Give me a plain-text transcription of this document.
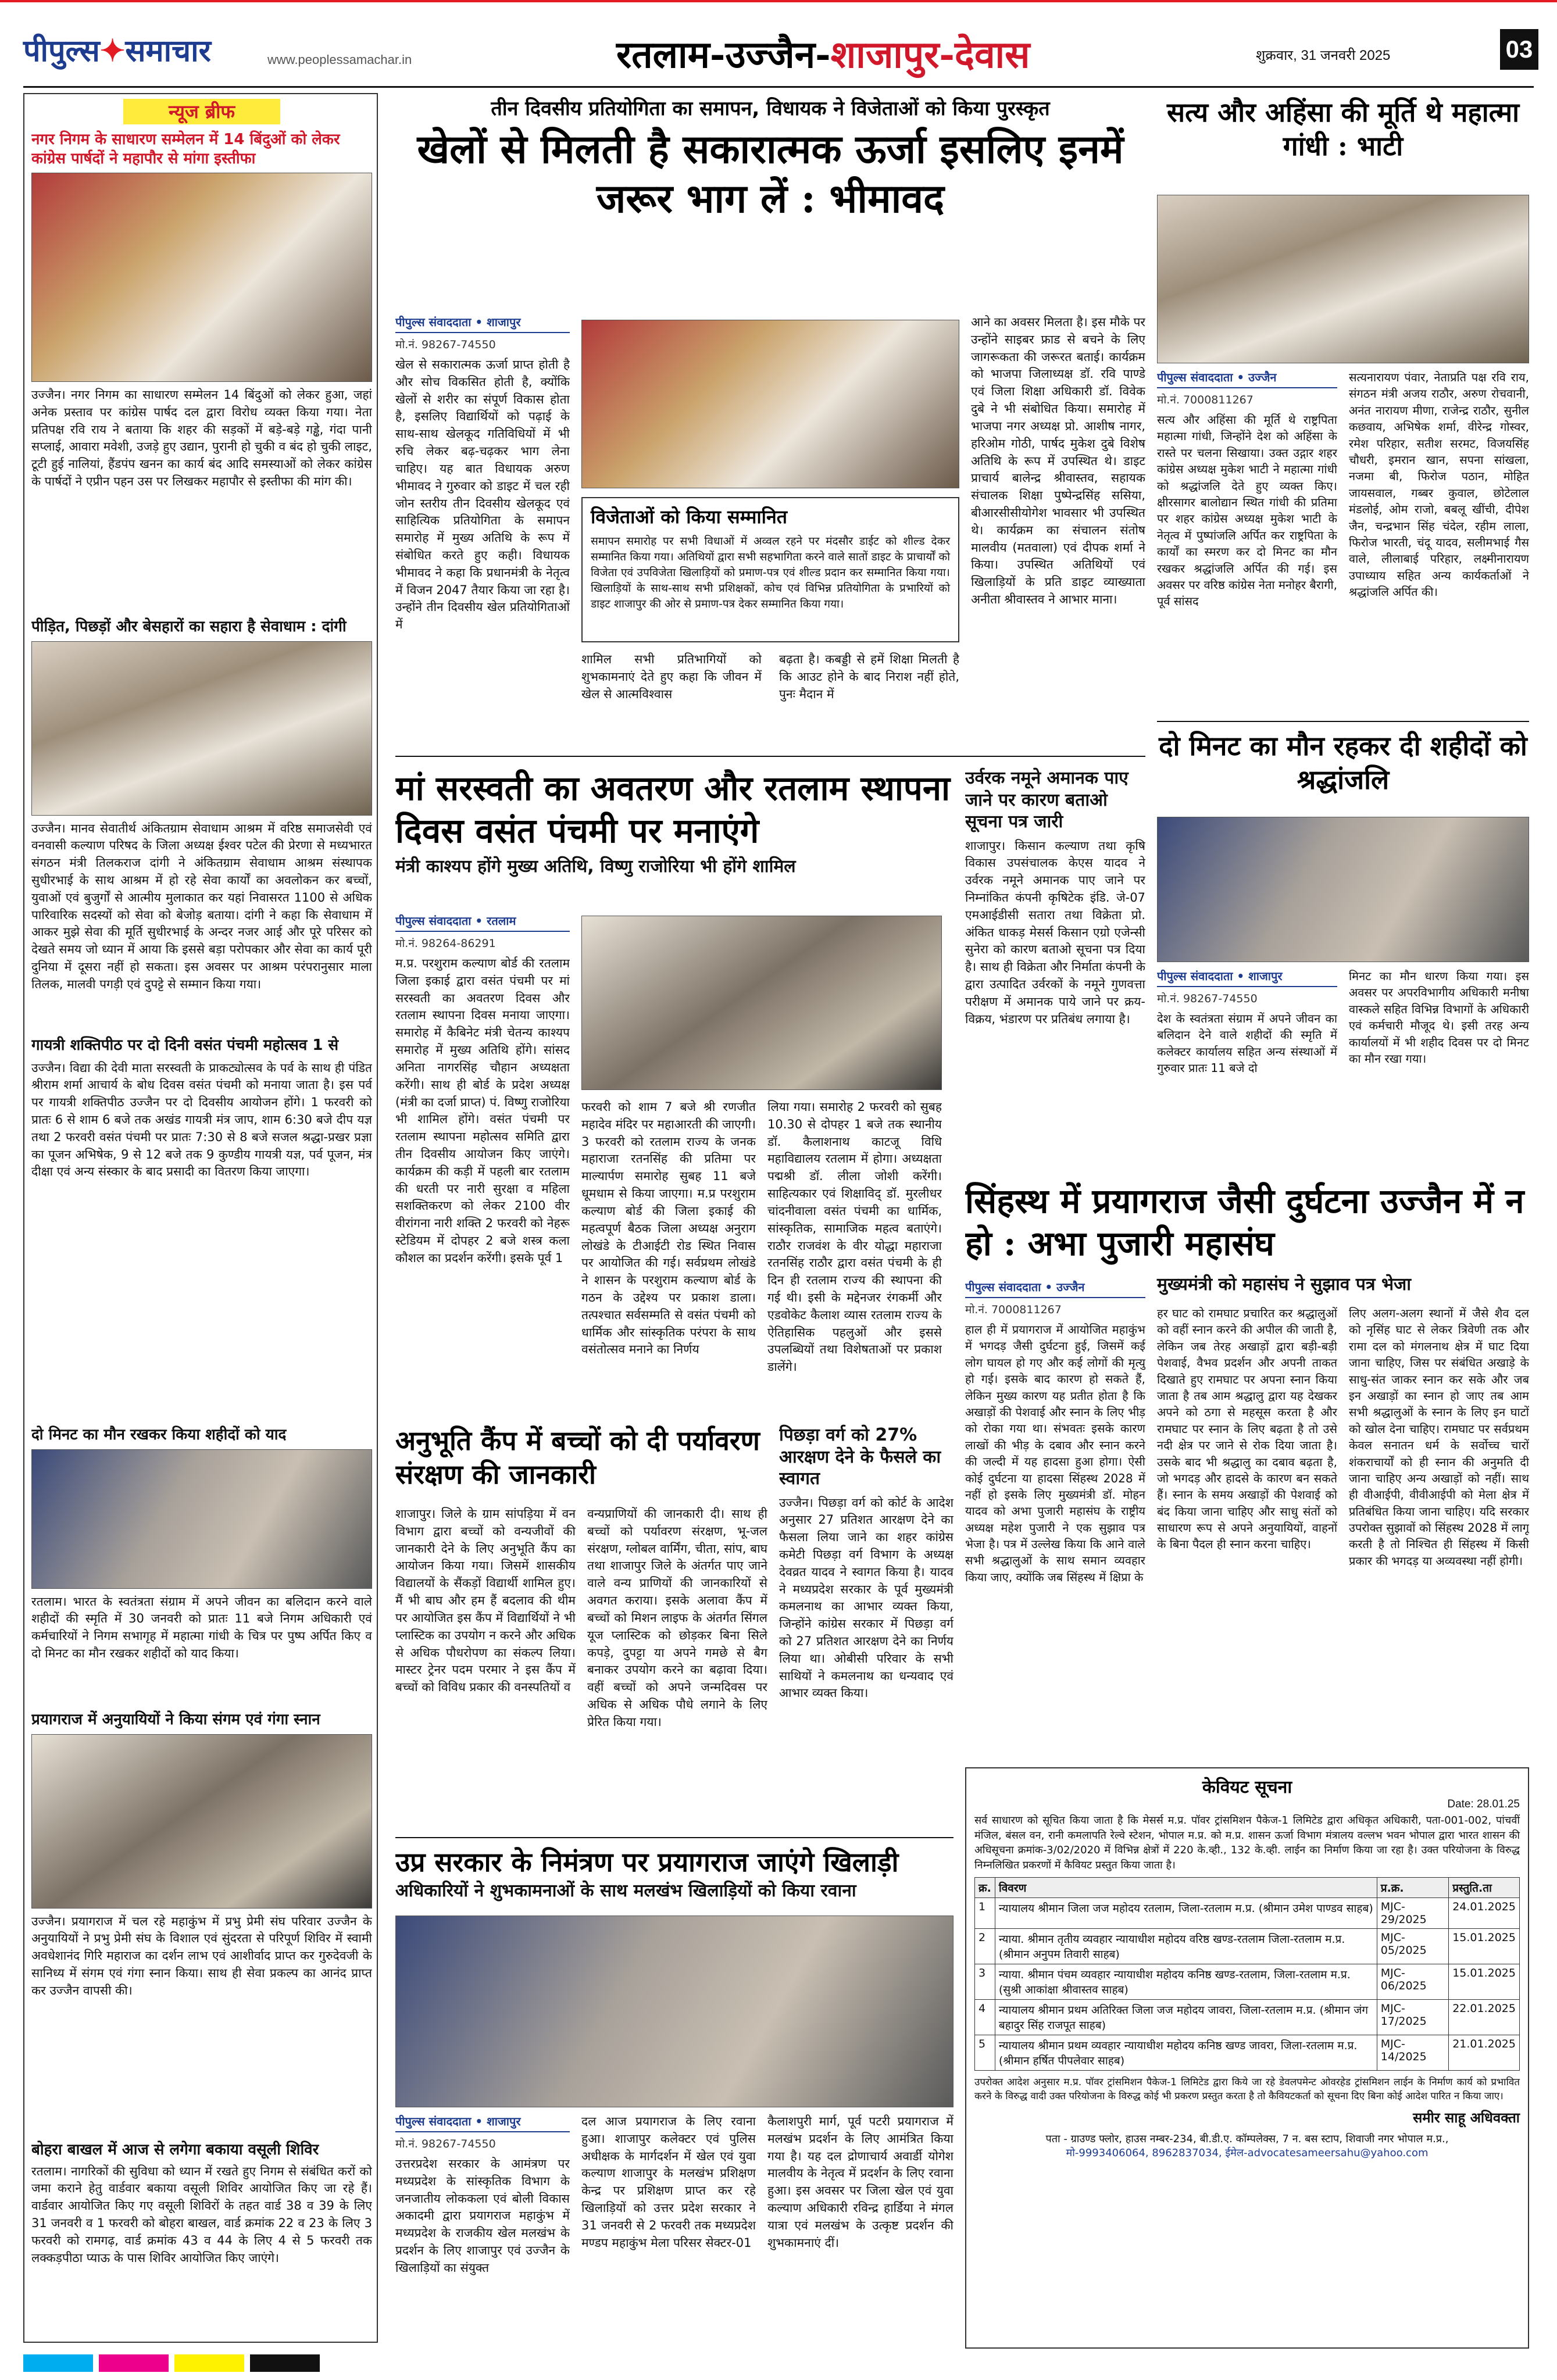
पीपुल्स✦समाचार	www.peoplessamachar.in	रतलाम-उज्जैन-शाजापुर-देवास	शुक्रवार, 31 जनवरी 2025	03
न्यूज ब्रीफ
नगर निगम के साधारण सम्मेलन में 14 बिंदुओं को लेकर कांग्रेस पार्षदों ने महापौर से मांगा इस्तीफा
उज्जैन। नगर निगम का साधारण सम्मेलन 14 बिंदुओं को लेकर हुआ, जहां अनेक प्रस्ताव पर कांग्रेस पार्षद दल द्वारा विरोध व्यक्त किया गया। नेता प्रतिपक्ष रवि राय ने बताया कि शहर की सड़कों में बड़े-बड़े गड्ढे, गंदा पानी सप्लाई, आवारा मवेशी, उजड़े हुए उद्यान, पुरानी हो चुकी व बंद हो चुकी लाइट, टूटी हुई नालियां, हैंडपंप खनन का कार्य बंद आदि समस्याओं को लेकर कांग्रेस के पार्षदों ने एप्रीन पहन उस पर लिखकर महापौर से इस्तीफा की मांग की।
पीड़ित, पिछड़ों और बेसहारों का सहारा है सेवाधाम : दांगी
उज्जैन। मानव सेवातीर्थ अंकितग्राम सेवाधाम आश्रम में वरिष्ठ समाजसेवी एवं वनवासी कल्याण परिषद के जिला अध्यक्ष ईश्वर पटेल की प्रेरणा से मध्यभारत संगठन मंत्री तिलकराज दांगी ने अंकितग्राम सेवाधाम आश्रम संस्थापक सुधीरभाई के साथ आश्रम में हो रहे सेवा कार्यों का अवलोकन कर बच्चों, युवाओं एवं बुजुर्गों से आत्मीय मुलाकात कर यहां निवासरत 1100 से अधिक पारिवारिक सदस्यों को सेवा को बेजोड़ बताया। दांगी ने कहा कि सेवाधाम में आकर मुझे सेवा की मूर्ति सुधीरभाई के अन्दर नजर आई और पूरे परिसर को देखते समय जो ध्यान में आया कि इससे बड़ा परोपकार और सेवा का कार्य पूरी दुनिया में दूसरा नहीं हो सकता। इस अवसर पर आश्रम परंपरानुसार माला तिलक, मालवी पगड़ी एवं दुपट्टे से सम्मान किया गया।
गायत्री शक्तिपीठ पर दो दिनी वसंत पंचमी महोत्सव 1 से
उज्जैन। विद्या की देवी माता सरस्वती के प्राकट्योत्सव के पर्व के साथ ही पंडित श्रीराम शर्मा आचार्य के बोध दिवस वसंत पंचमी को मनाया जाता है। इस पर्व पर गायत्री शक्तिपीठ उज्जैन पर दो दिवसीय आयोजन होंगे। 1 फरवरी को प्रातः 6 से शाम 6 बजे तक अखंड गायत्री मंत्र जाप, शाम 6:30 बजे दीप यज्ञ तथा 2 फरवरी वसंत पंचमी पर प्रातः 7:30 से 8 बजे सजल श्रद्धा-प्रखर प्रज्ञा का पूजन अभिषेक, 9 से 12 बजे तक 9 कुण्डीय गायत्री यज्ञ, पर्व पूजन, मंत्र दीक्षा एवं अन्य संस्कार के बाद प्रसादी का वितरण किया जाएगा।
दो मिनट का मौन रखकर किया शहीदों को याद
रतलाम। भारत के स्वतंत्रता संग्राम में अपने जीवन का बलिदान करने वाले शहीदों की स्मृति में 30 जनवरी को प्रातः 11 बजे निगम अधिकारी एवं कर्मचारियों ने निगम सभागृह में महात्मा गांधी के चित्र पर पुष्प अर्पित किए व दो मिनट का मौन रखकर शहीदों को याद किया।
प्रयागराज में अनुयायियों ने किया संगम एवं गंगा स्नान
उज्जैन। प्रयागराज में चल रहे महाकुंभ में प्रभु प्रेमी संघ परिवार उज्जैन के अनुयायियों ने प्रभु प्रेमी संघ के विशाल एवं सुंदरता से परिपूर्ण शिविर में स्वामी अवधेशानंद गिरि महाराज का दर्शन लाभ एवं आशीर्वाद प्राप्त कर गुरुदेवजी के सानिध्य में संगम एवं गंगा स्नान किया। साथ ही सेवा प्रकल्प का आनंद प्राप्त कर उज्जैन वापसी की।
बोहरा बाखल में आज से लगेगा बकाया वसूली शिविर
रतलाम। नागरिकों की सुविधा को ध्यान में रखते हुए निगम से संबंधित करों को जमा कराने हेतु वार्डवार बकाया वसूली शिविर आयोजित किए जा रहे हैं। वार्डवार आयोजित किए गए वसूली शिविरों के तहत वार्ड 38 व 39 के लिए 31 जनवरी व 1 फरवरी को बोहरा बाखल, वार्ड क्रमांक 22 व 23 के लिए 3 फरवरी को रामगढ़, वार्ड क्रमांक 43 व 44 के लिए 4 से 5 फरवरी तक लक्कड़पीठा प्याऊ के पास शिविर आयोजित किए जाएंगे।
तीन दिवसीय प्रतियोगिता का समापन, विधायक ने विजेताओं को किया पुरस्कृत
खेलों से मिलती है सकारात्मक ऊर्जा इसलिए इनमें जरूर भाग लें : भीमावद
पीपुल्स संवाददाता • शाजापुर
मो.नं. 98267-74550
खेल से सकारात्मक ऊर्जा प्राप्त होती है और सोच विकसित होती है, क्योंकि खेलों से शरीर का संपूर्ण विकास होता है, इसलिए विद्यार्थियों को पढ़ाई के साथ-साथ खेलकूद गतिविधियों में भी रुचि लेकर बढ़-चढ़कर भाग लेना चाहिए। यह बात विधायक अरुण भीमावद ने गुरुवार को डाइट में चल रही जोन स्तरीय तीन दिवसीय खेलकूद एवं साहित्यिक प्रतियोगिता के समापन समारोह में मुख्य अतिथि के रूप में संबोधित करते हुए कही। विधायक भीमावद ने कहा कि प्रधानमंत्री के नेतृत्व में विजन 2047 तैयार किया जा रहा है। उन्होंने तीन दिवसीय खेल प्रतियोगिताओं में
विजेताओं को किया सम्मानित
समापन समारोह पर सभी विधाओं में अव्वल रहने पर मंदसौर डाईट को शील्ड देकर सम्मानित किया गया। अतिथियों द्वारा सभी सहभागिता करने वाले सातों डाइट के प्राचार्यों को विजेता एवं उपविजेता खिलाड़ियों को प्रमाण-पत्र एवं शील्ड प्रदान कर सम्मानित किया गया। खिलाड़ियों के साथ-साथ सभी प्रशिक्षकों, कोच एवं विभिन्न प्रतियोगिता के प्रभारियों को डाइट शाजापुर की ओर से प्रमाण-पत्र देकर सम्मानित किया गया।
शामिल सभी प्रतिभागियों को शुभकामनाएं देते हुए कहा कि जीवन में खेल से आत्मविश्वास
बढ़ता है। कबड्डी से हमें शिक्षा मिलती है कि आउट होने के बाद निराश नहीं होते, पुनः मैदान में
आने का अवसर मिलता है। इस मौके पर उन्होंने साइबर फ्राड से बचने के लिए जागरूकता की जरूरत बताई। कार्यक्रम को भाजपा जिलाध्यक्ष डॉ. रवि पाण्डे एवं जिला शिक्षा अधिकारी डॉ. विवेक दुबे ने भी संबोधित किया। समारोह में भाजपा नगर अध्यक्ष प्रो. आशीष नागर, हरिओम गोठी, पार्षद मुकेश दुबे विशेष अतिथि के रूप में उपस्थित थे। डाइट प्राचार्य बालेन्द्र श्रीवास्तव, सहायक संचालक शिक्षा पुष्पेन्द्रसिंह ससिया, बीआरसीसीयोगेश भावसार भी उपस्थित थे। कार्यक्रम का संचालन संतोष मालवीय (मतवाला) एवं दीपक शर्मा ने किया। उपस्थित अतिथियों एवं खिलाड़ियों के प्रति डाइट व्याख्याता अनीता श्रीवास्तव ने आभार माना।
सत्य और अहिंसा की मूर्ति थे महात्मा गांधी : भाटी
पीपुल्स संवाददाता • उज्जैन
मो.नं. 7000811267
सत्य और अहिंसा की मूर्ति थे राष्ट्रपिता महात्मा गांधी, जिन्होंने देश को अहिंसा के रास्ते पर चलना सिखाया। उक्त उद्गार शहर कांग्रेस अध्यक्ष मुकेश भाटी ने महात्मा गांधी को श्रद्धांजलि देते हुए व्यक्त किए। क्षीरसागर बालोद्यान स्थित गांधी की प्रतिमा पर शहर कांग्रेस अध्यक्ष मुकेश भाटी के नेतृत्व में पुष्पांजलि अर्पित कर राष्ट्रपिता के कार्यों का स्मरण कर दो मिनट का मौन रखकर श्रद्धांजलि अर्पित की गई। इस अवसर पर वरिष्ठ कांग्रेस नेता मनोहर बैरागी, पूर्व सांसद
सत्यनारायण पंवार, नेताप्रति पक्ष रवि राय, संगठन मंत्री अजय राठौर, अरुण रोचवानी, अनंत नारायण मीणा, राजेन्द्र राठौर, सुनील कछवाय, अभिषेक शर्मा, वीरेन्द्र गोस्वर, रमेश परिहार, सतीश सरमट, विजयसिंह चौधरी, इमरान खान, सपना सांखला, नजमा बी, फिरोज पठान, मोहित जायसवाल, गब्बर कुवाल, छोटेलाल मंडलोई, ओम राजो, बबलू खींची, दीपेश जैन, चन्द्रभान सिंह चंदेल, रहीम लाला, फिरोज भारती, चंदू यादव, सलीमभाई गैस वाले, लीलाबाई परिहार, लक्ष्मीनारायण उपाध्याय सहित अन्य कार्यकर्ताओं ने श्रद्धांजलि अर्पित की।
दो मिनट का मौन रहकर दी शहीदों को श्रद्धांजलि
पीपुल्स संवाददाता • शाजापुर
मो.नं. 98267-74550
देश के स्वतंत्रता संग्राम में अपने जीवन का बलिदान देने वाले शहीदों की स्मृति में कलेक्टर कार्यालय सहित अन्य संस्थाओं में गुरुवार प्रातः 11 बजे दो
मिनट का मौन धारण किया गया। इस अवसर पर अपरविभागीय अधिकारी मनीषा वास्कले सहित विभिन्न विभागों के अधिकारी एवं कर्मचारी मौजूद थे। इसी तरह अन्य कार्यालयों में भी शहीद दिवस पर दो मिनट का मौन रखा गया।
मां सरस्वती का अवतरण और रतलाम स्थापना दिवस वसंत पंचमी पर मनाएंगे
मंत्री काश्यप होंगे मुख्य अतिथि, विष्णु राजोरिया भी होंगे शामिल
पीपुल्स संवाददाता • रतलाम
मो.नं. 98264-86291
म.प्र. परशुराम कल्याण बोर्ड की रतलाम जिला इकाई द्वारा वसंत पंचमी पर मां सरस्वती का अवतरण दिवस और रतलाम स्थापना दिवस मनाया जाएगा। समारोह में कैबिनेट मंत्री चेतन्य काश्यप समारोह में मुख्य अतिथि होंगे। सांसद अनिता नागरसिंह चौहान अध्यक्षता करेंगी। साथ ही बोर्ड के प्रदेश अध्यक्ष (मंत्री का दर्जा प्राप्त) पं. विष्णु राजोरिया भी शामिल होंगे। वसंत पंचमी पर रतलाम स्थापना महोत्सव समिति द्वारा तीन दिवसीय आयोजन किए जाएंगे। कार्यक्रम की कड़ी में पहली बार रतलाम की धरती पर नारी सुरक्षा व महिला सशक्तिकरण को लेकर 2100 वीर वीरांगना नारी शक्ति 2 फरवरी को नेहरू स्टेडियम में दोपहर 2 बजे शस्त्र कला कौशल का प्रदर्शन करेंगी। इसके पूर्व 1
फरवरी को शाम 7 बजे श्री रणजीत महादेव मंदिर पर महाआरती की जाएगी। 3 फरवरी को रतलाम राज्य के जनक महाराजा रतनसिंह की प्रतिमा पर माल्यार्पण समारोह सुबह 11 बजे धूमधाम से किया जाएगा। म.प्र परशुराम कल्याण बोर्ड की जिला इकाई की महत्वपूर्ण बैठक जिला अध्यक्ष अनुराग लोखंडे के टीआईटी रोड स्थित निवास पर आयोजित की गई। सर्वप्रथम लोखंडे ने शासन के परशुराम कल्याण बोर्ड के गठन के उद्देश्य पर प्रकाश डाला। तत्पश्चात सर्वसम्मति से वसंत पंचमी को धार्मिक और सांस्कृतिक परंपरा के साथ वसंतोत्सव मनाने का निर्णय
लिया गया। समारोह 2 फरवरी को सुबह 10.30 से दोपहर 1 बजे तक स्थानीय डॉ. कैलाशनाथ काटजू विधि महाविद्यालय रतलाम में होगा। अध्यक्षता पद्मश्री डॉ. लीला जोशी करेंगी। साहित्यकार एवं शिक्षाविद् डॉ. मुरलीधर चांदनीवाला वसंत पंचमी का धार्मिक, सांस्कृतिक, सामाजिक महत्व बताएंगे। राठौर राजवंश के वीर योद्धा महाराजा रतनसिंह राठौर द्वारा वसंत पंचमी के ही दिन ही रतलाम राज्य की स्थापना की गई थी। इसी के मद्देनजर रंगकर्मी और एडवोकेट कैलाश व्यास रतलाम राज्य के ऐतिहासिक पहलुओं और इससे उपलब्धियों तथा विशेषताओं पर प्रकाश डालेंगे।
उर्वरक नमूने अमानक पाए जाने पर कारण बताओ सूचना पत्र जारी
शाजापुर। किसान कल्याण तथा कृषि विकास उपसंचालक केएस यादव ने उर्वरक नमूने अमानक पाए जाने पर निम्नांकित कंपनी कृषिटेक इंडि. जे-07 एमआईडीसी सतारा तथा विक्रेता प्रो. अंकित धाकड़ मेसर्स किसान एग्रो एजेन्सी सुनेरा को कारण बताओ सूचना पत्र दिया है। साथ ही विक्रेता और निर्माता कंपनी के द्वारा उत्पादित उर्वरकों के नमूने गुणवत्ता परीक्षण में अमानक पाये जाने पर क्रय-विक्रय, भंडारण पर प्रतिबंध लगाया है।
सिंहस्थ में प्रयागराज जैसी दुर्घटना उज्जैन में न हो : अभा पुजारी महासंघ
मुख्यमंत्री को महासंघ ने सुझाव पत्र भेजा
पीपुल्स संवाददाता • उज्जैन
मो.नं. 7000811267
हाल ही में प्रयागराज में आयोजित महाकुंभ में भगदड़ जैसी दुर्घटना हुई, जिसमें कई लोग घायल हो गए और कई लोगों की मृत्यु हो गई। इसके बाद कारण हो सकते हैं, लेकिन मुख्य कारण यह प्रतीत होता है कि अखाड़ों की पेशवाई और स्नान के लिए भीड़ को रोका गया था। संभवतः इसके कारण लाखों की भीड़ के दबाव और स्नान करने की जल्दी में यह हादसा हुआ होगा। ऐसी कोई दुर्घटना या हादसा सिंहस्थ 2028 में नहीं हो इसके लिए मुख्यमंत्री डॉ. मोहन यादव को अभा पुजारी महासंघ के राष्ट्रीय अध्यक्ष महेश पुजारी ने एक सुझाव पत्र भेजा है। पत्र में उल्लेख किया कि आने वाले सभी श्रद्धालुओं के साथ समान व्यवहार किया जाए, क्योंकि जब सिंहस्थ में क्षिप्रा के
हर घाट को रामघाट प्रचारित कर श्रद्धालुओं को वहीं स्नान करने की अपील की जाती है, लेकिन जब तेरह अखाड़ों द्वारा बड़ी-बड़ी पेशवाई, वैभव प्रदर्शन और अपनी ताकत दिखाते हुए रामघाट पर अपना स्नान किया जाता है तब आम श्रद्धालु द्वारा यह देखकर अपने को ठगा से महसूस करता है और रामघाट पर स्नान के लिए बढ़ता है तो उसे नदी क्षेत्र पर जाने से रोक दिया जाता है। उसके बाद भी श्रद्धालु का दबाव बढ़ता है, जो भगदड़ और हादसे के कारण बन सकते हैं। स्नान के समय अखाड़ों की पेशवाई को बंद किया जाना चाहिए और साधु संतों को साधारण रूप से अपने अनुयायियों, वाहनों के बिना पैदल ही स्नान करना चाहिए।
लिए अलग-अलग स्थानों में जैसे शैव दल को नृसिंह घाट से लेकर त्रिवेणी तक और रामा दल को मंगलनाथ क्षेत्र में घाट दिया जाना चाहिए, जिस पर संबंधित अखाड़े के साधु-संत जाकर स्नान कर सके और जब इन अखाड़ों का स्नान हो जाए तब आम सभी श्रद्धालुओं के स्नान के लिए इन घाटों को खोल देना चाहिए। रामघाट पर सर्वप्रथम केवल सनातन धर्म के सर्वोच्च चारों शंकराचार्यों को ही स्नान की अनुमति दी जाना चाहिए अन्य अखाड़ों को नहीं। साथ ही वीआईपी, वीवीआईपी को मेला क्षेत्र में प्रतिबंधित किया जाना चाहिए। यदि सरकार उपरोक्त सुझावों को सिंहस्थ 2028 में लागू करती है तो निश्चित ही सिंहस्थ में किसी प्रकार की भगदड़ या अव्यवस्था नहीं होगी।
पिछड़ा वर्ग को 27% आरक्षण देने के फैसले का स्वागत
उज्जैन। पिछड़ा वर्ग को कोर्ट के आदेश अनुसार 27 प्रतिशत आरक्षण देने का फैसला लिया जाने का शहर कांग्रेस कमेटी पिछड़ा वर्ग विभाग के अध्यक्ष देवव्रत यादव ने स्वागत किया है। यादव ने मध्यप्रदेश सरकार के पूर्व मुख्यमंत्री कमलनाथ का आभार व्यक्त किया, जिन्होंने कांग्रेस सरकार में पिछड़ा वर्ग को 27 प्रतिशत आरक्षण देने का निर्णय लिया था। ओबीसी परिवार के सभी साथियों ने कमलनाथ का धन्यवाद एवं आभार व्यक्त किया।
अनुभूति कैंप में बच्चों को दी पर्यावरण संरक्षण की जानकारी
शाजापुर। जिले के ग्राम सांपड़िया में वन विभाग द्वारा बच्चों को वन्यजीवों की जानकारी देने के लिए अनुभूति कैंप का आयोजन किया गया। जिसमें शासकीय विद्यालयों के सैंकड़ों विद्यार्थी शामिल हुए। मैं भी बाघ और हम हैं बदलाव की थीम पर आयोजित इस कैंप में विद्यार्थियों ने भी प्लास्टिक का उपयोग न करने और अधिक से अधिक पौधरोपण का संकल्प लिया। मास्टर ट्रेनर पदम परमार ने इस कैंप में बच्चों को विविध प्रकार की वनस्पतियों व
वन्यप्राणियों की जानकारी दी। साथ ही बच्चों को पर्यावरण संरक्षण, भू-जल संरक्षण, ग्लोबल वार्मिंग, चीता, सांप, बाघ तथा शाजापुर जिले के अंतर्गत पाए जाने वाले वन्य प्राणियों की जानकारियों से अवगत कराया। इसके अलावा कैंप में बच्चों को मिशन लाइफ के अंतर्गत सिंगल यूज प्लास्टिक को छोड़कर बिना सिले कपड़े, दुपट्टा या अपने गमछे से बैग बनाकर उपयोग करने का बढ़ावा दिया। वहीं बच्चों को अपने जन्मदिवस पर अधिक से अधिक पौधे लगाने के लिए प्रेरित किया गया।
उप्र सरकार के निमंत्रण पर प्रयागराज जाएंगे खिलाड़ी
अधिकारियों ने शुभकामनाओं के साथ मलखंभ खिलाड़ियों को किया रवाना
पीपुल्स संवाददाता • शाजापुर
मो.नं. 98267-74550
उत्तरप्रदेश सरकार के आमंत्रण पर मध्यप्रदेश के सांस्कृतिक विभाग के जनजातीय लोककला एवं बोली विकास अकादमी द्वारा प्रयागराज महाकुंभ में मध्यप्रदेश के राजकीय खेल मलखंभ के प्रदर्शन के लिए शाजापुर एवं उज्जैन के खिलाड़ियों का संयुक्त
दल आज प्रयागराज के लिए रवाना हुआ। शाजापुर कलेक्टर एवं पुलिस अधीक्षक के मार्गदर्शन में खेल एवं युवा कल्याण शाजापुर के मलखंभ प्रशिक्षण केन्द्र पर प्रशिक्षण प्राप्त कर रहे खिलाड़ियों को उत्तर प्रदेश सरकार ने 31 जनवरी से 2 फरवरी तक मध्यप्रदेश मण्डप महाकुंभ मेला परिसर सेक्टर-01
कैलाशपुरी मार्ग, पूर्व पटरी प्रयागराज में मलखंभ प्रदर्शन के लिए आमंत्रित किया गया है। यह दल द्रोणाचार्य अवार्डी योगेश मालवीय के नेतृत्व में प्रदर्शन के लिए रवाना हुआ। इस अवसर पर जिला खेल एवं युवा कल्याण अधिकारी रविन्द्र हार्डिया ने मंगल यात्रा एवं मलखंभ के उत्कृष्ट प्रदर्शन की शुभकामनाएं दीं।
केवियट सूचना
Date: 28.01.25
सर्व साधारण को सूचित किया जाता है कि मेसर्स म.प्र. पॉवर ट्रांसमिशन पैकेज-1 लिमिटेड द्वारा अधिकृत अधिकारी, पता-001-002, पांचवीं मंजिल, बंसल वन, रानी कमलापति रेल्वे स्टेशन, भोपाल म.प्र. को म.प्र. शासन ऊर्जा विभाग मंत्रालय वल्लभ भवन भोपाल द्वारा भारत शासन की अधिसूचना क्रमांक-3/02/2020 में विभिन्न क्षेत्रों में 220 के.व्ही., 132 के.व्ही. लाईन का निर्माण किया जा रहा है। उक्त परियोजना के विरुद्ध निम्नलिखित प्रकरणों में कैवियट प्रस्तुत किया जाता है।
क्र.	विवरण	प्र.क्र.	प्रस्तुति.ता
1	न्यायालय श्रीमान जिला जज महोदय रतलाम, जिला-रतलाम म.प्र. (श्रीमान उमेश पाण्डव साहब)	MJC-29/2025	24.01.2025
2	न्याया. श्रीमान तृतीय व्यवहार न्यायाधीश महोदय वरिष्ठ खण्ड-रतलाम जिला-रतलाम म.प्र. (श्रीमान अनुपम तिवारी साहब)	MJC-05/2025	15.01.2025
3	न्याया. श्रीमान पंचम व्यवहार न्यायाधीश महोदय कनिष्ठ खण्ड-रतलाम, जिला-रतलाम म.प्र. (सुश्री आकांक्षा श्रीवास्तव साहब)	MJC-06/2025	15.01.2025
4	न्यायालय श्रीमान प्रथम अतिरिक्त जिला जज महोदय जावरा, जिला-रतलाम म.प्र. (श्रीमान जंग बहादुर सिंह राजपूत साहब)	MJC-17/2025	22.01.2025
5	न्यायालय श्रीमान प्रथम व्यवहार न्यायाधीश महोदय कनिष्ठ खण्ड जावरा, जिला-रतलाम म.प्र. (श्रीमान हर्षित पीपलेवार साहब)	MJC-14/2025	21.01.2025
उपरोक्त आदेश अनुसार म.प्र. पॉवर ट्रांसमिशन पैकेज-1 लिमिटेड द्वारा किये जा रहे डेवलपमेन्ट ओवरहेड ट्रांसमिशन लाईन के निर्माण कार्य को प्रभावित करने के विरुद्ध वादी उक्त परियोजना के विरुद्ध कोई भी प्रकरण प्रस्तुत करता है तो कैवियटकर्ता को सूचना दिए बिना कोई आदेश पारित न किया जाए।
समीर साहू अधिवक्ता
पता - ग्राउण्ड फ्लोर, हाउस नम्बर-234, बी.डी.ए. कॉम्पलेक्स, 7 न. बस स्टाप, शिवाजी नगर भोपाल म.प्र.,
मो-9993406064, 8962837034, ईमेल-advocatesameersahu@yahoo.com
